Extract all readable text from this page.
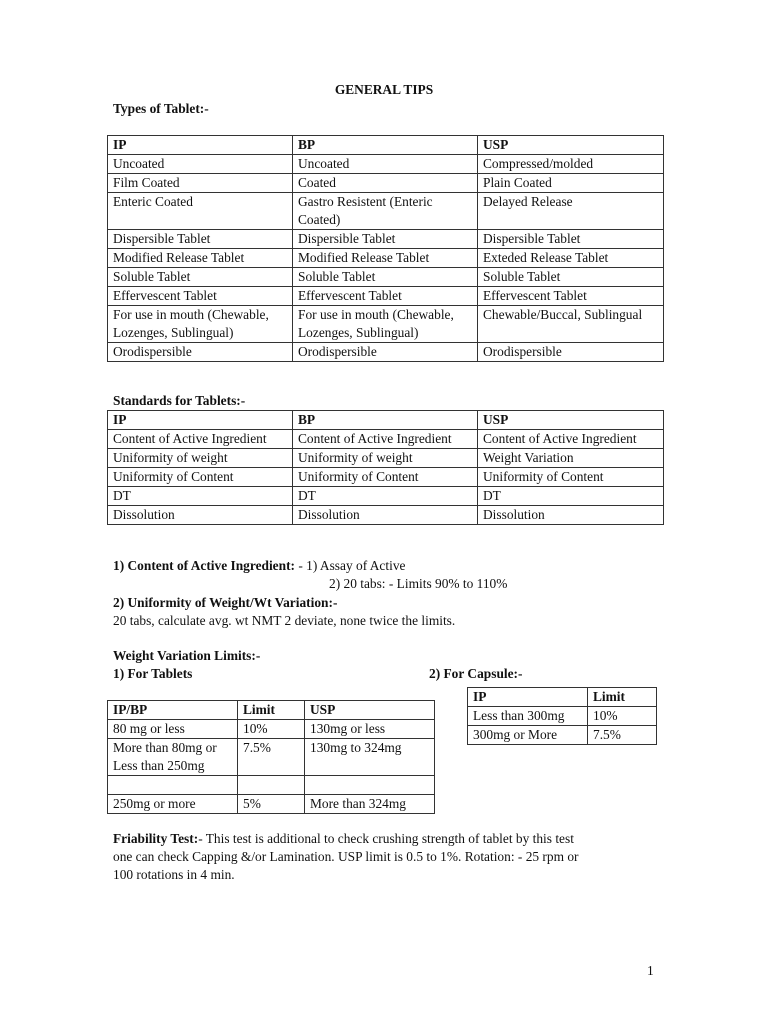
GENERAL TIPS
Types of Tablet:-
IP	BP	USP
Uncoated	Uncoated	Compressed/molded
Film Coated	Coated	Plain Coated
Enteric Coated	Gastro Resistent (Enteric Coated)	Delayed Release
Dispersible Tablet	Dispersible Tablet	Dispersible Tablet
Modified Release Tablet	Modified Release Tablet	Exteded Release Tablet
Soluble Tablet	Soluble Tablet	Soluble Tablet
Effervescent Tablet	Effervescent Tablet	Effervescent Tablet
For use in mouth (Chewable, Lozenges, Sublingual)	For use in mouth (Chewable, Lozenges, Sublingual)	Chewable/Buccal, Sublingual
Orodispersible	Orodispersible	Orodispersible
Standards for Tablets:-
IP	BP	USP
Content of Active Ingredient	Content of Active Ingredient	Content of Active Ingredient
Uniformity of weight	Uniformity of weight	Weight Variation
Uniformity of Content	Uniformity of Content	Uniformity of Content
DT	DT	DT
Dissolution	Dissolution	Dissolution
1) Content of Active Ingredient: - 1) Assay of Active
2) 20 tabs: - Limits 90% to 110%
2) Uniformity of Weight/Wt Variation:-
20 tabs, calculate avg. wt NMT 2 deviate, none twice the limits.
Weight Variation Limits:-
1) For Tablets	2) For Capsule:-
IP	Limit
Less than 300mg	10%
300mg or More	7.5%
IP/BP	Limit	USP
80 mg or less	10%	130mg or less
More than 80mg or Less than 250mg	7.5%	130mg to 324mg

250mg or more	5%	More than 324mg
Friability Test:- This test is additional to check crushing strength of tablet by this test
one can check Capping &/or Lamination. USP limit is 0.5 to 1%. Rotation: - 25 rpm or
100 rotations in 4 min.
1
